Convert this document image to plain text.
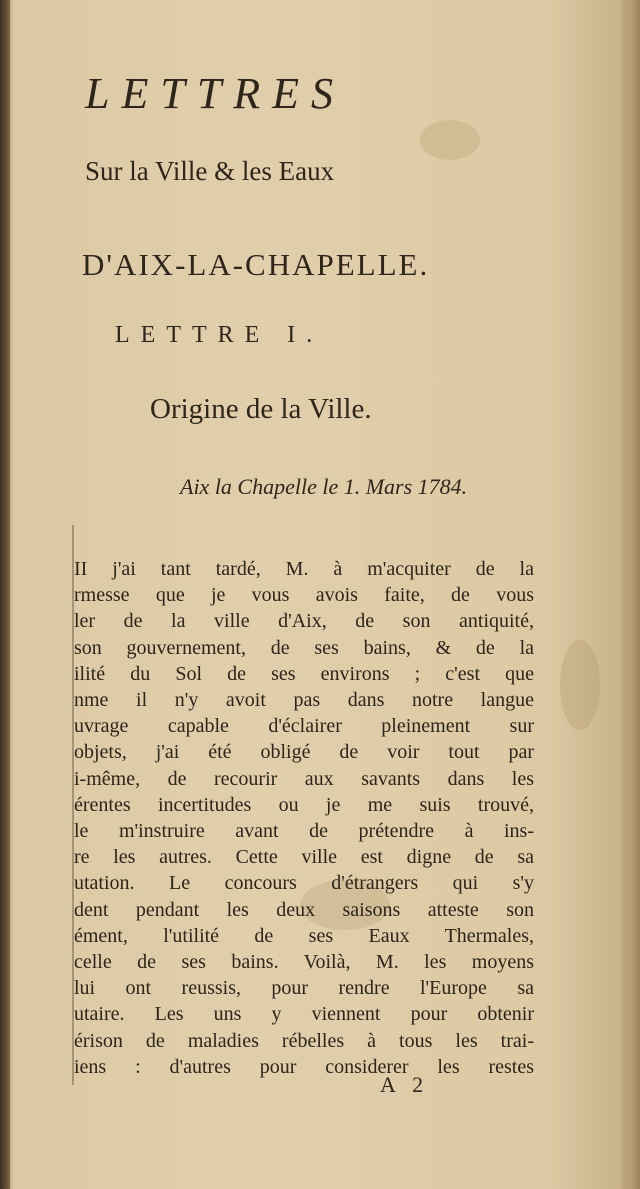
LETTRES
Sur la Ville & les Eaux
D'AIX-LA-CHAPELLE.
LETTRE I.
Origine de la Ville.
Aix la Chapelle le 1. Mars 1784.
II j'ai tant tardé, M. à m'acquiter de la
rmesse que je vous avois faite, de vous
ler de la ville d'Aix, de son antiquité,
son gouvernement, de ses bains, & de la
ilité du Sol de ses environs ; c'est que
nme il n'y avoit pas dans notre langue
uvrage capable d'éclairer pleinement sur
objets, j'ai été obligé de voir tout par
i-même, de recourir aux savants dans les
érentes incertitudes ou je me suis trouvé,
le m'instruire avant de prétendre à ins-
re les autres. Cette ville est digne de sa
utation. Le concours d'étrangers qui s'y
dent pendant les deux saisons atteste son
ément, l'utilité de ses Eaux Thermales,
celle de ses bains. Voilà, M. les moyens
lui ont reussis, pour rendre l'Europe sa
utaire. Les uns y viennent pour obtenir
érison de maladies rébelles à tous les trai-
iens : d'autres pour considerer les restes
A 2
